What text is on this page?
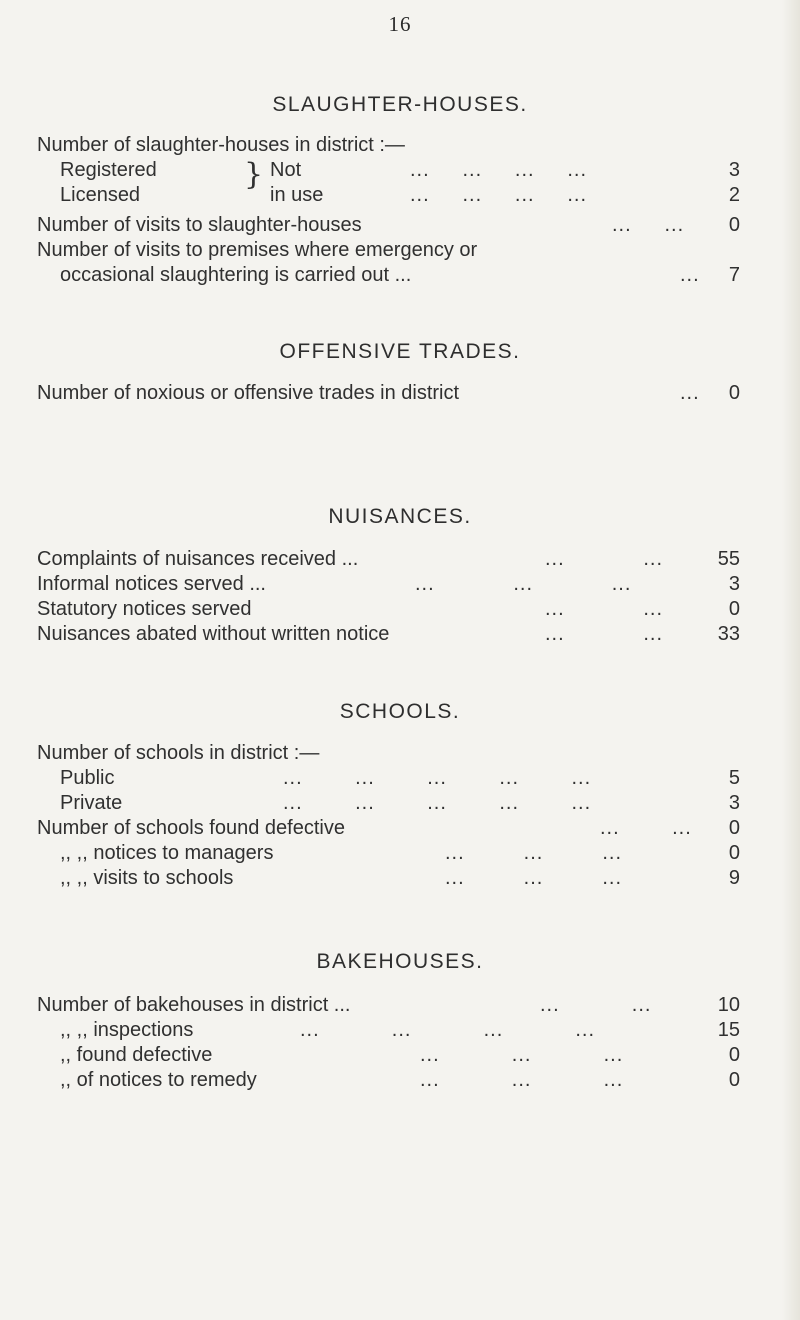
16
SLAUGHTER-HOUSES.
Number of slaughter-houses in district :—
Registered	Not	...     ...     ...     ...	3
Licensed	in use	...     ...     ...     ...	2
}
Number of visits to slaughter-houses	...     ... 0
Number of visits to premises where emergency or
occasional slaughtering is carried out ...	... 7
OFFENSIVE TRADES.
Number of noxious or offensive trades in district	... 0
NUISANCES.
Complaints of nuisances received ...	...            ...	55
Informal notices served ...	...            ...            ...	3
Statutory notices served	...            ...	0
Nuisances abated without written notice	...            ...	33
SCHOOLS.
Number of schools in district :—
Public	...        ...        ...        ...        ...	5
Private	...        ...        ...        ...        ...	3
Number of schools found defective	...        ... 0
,, ,, notices to managers	...         ...         ...	0
,, ,, visits to schools	...         ...         ...	9
BAKEHOUSES.
Number of bakehouses in district ...	...           ...	10
,, ,, inspections	...           ...           ...           ...	15
,, found defective	...           ...           ...	0
,, of notices to remedy	...           ...           ...	0
